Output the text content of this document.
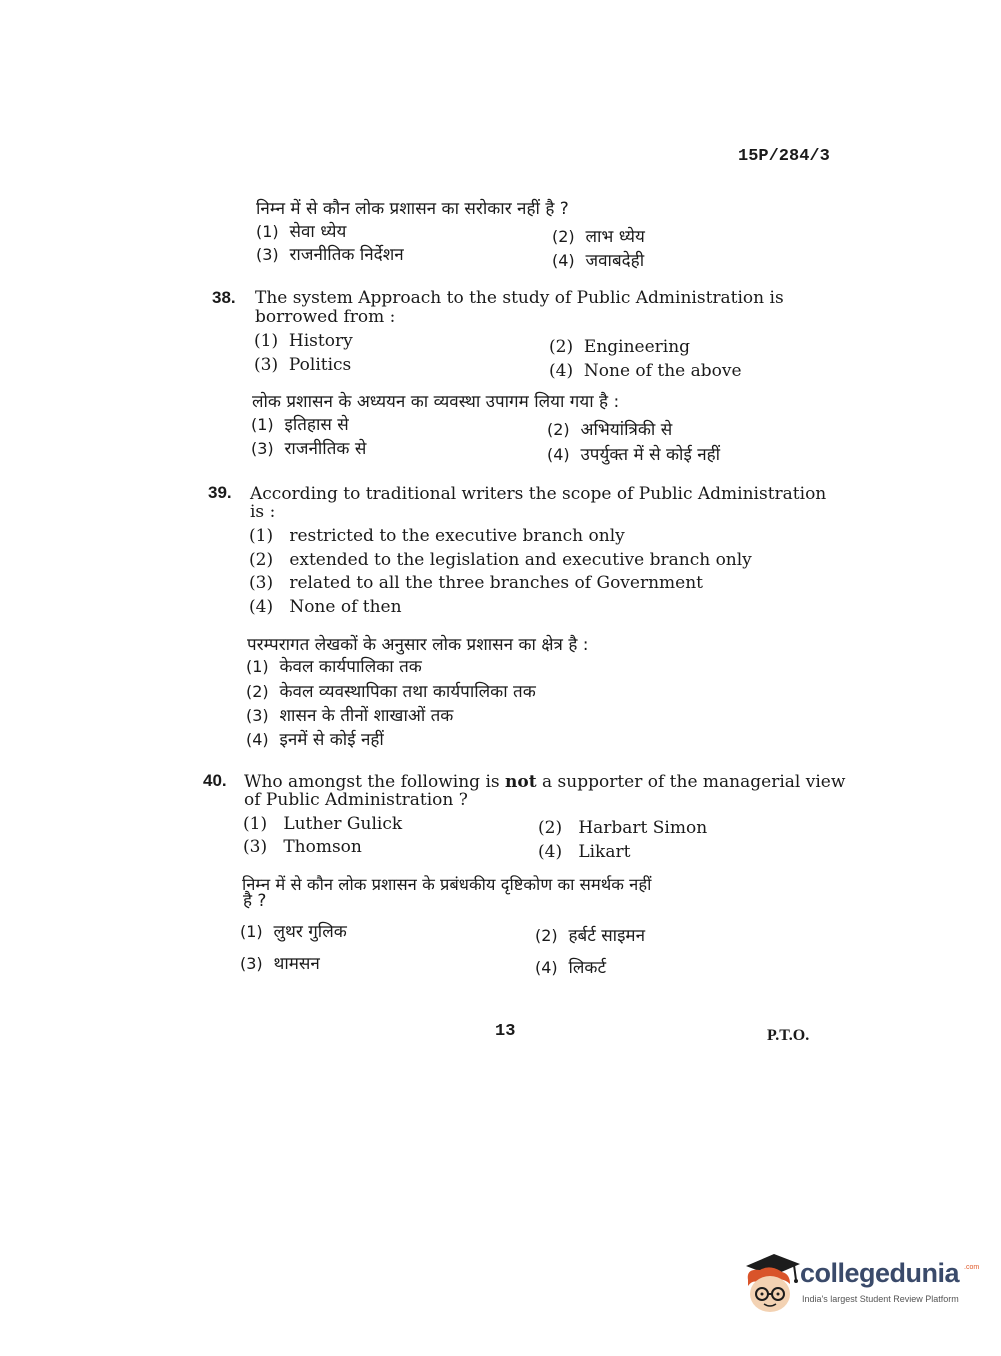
15P/284/3
निम्न में से कौन लोक प्रशासन का सरोकार नहीं है ?
(1) सेवा ध्येय	(2) लाभ ध्येय
(3) राजनीतिक निर्देशन	(4) जवाबदेही
38. The system Approach to the study of Public Administration is
borrowed from :
(1) History	(2) Engineering
(3) Politics	(4) None of the above
लोक प्रशासन के अध्ययन का व्यवस्था उपागम लिया गया है :
(1) इतिहास से	(2) अभियांत्रिकी से
(3) राजनीतिक से	(4) उपर्युक्त में से कोई नहीं
39. According to traditional writers the scope of Public Administration
is :
(1) restricted to the executive branch only
(2) extended to the legislation and executive branch only
(3) related to all the three branches of Government
(4) None of then
परम्परागत लेखकों के अनुसार लोक प्रशासन का क्षेत्र है :
(1) केवल कार्यपालिका तक
(2) केवल व्यवस्थापिका तथा कार्यपालिका तक
(3) शासन के तीनों शाखाओं तक
(4) इनमें से कोई नहीं
40. Who amongst the following is not a supporter of the managerial view
of Public Administration ?
(1) Luther Gulick	(2) Harbart Simon
(3) Thomson	(4) Likart
निम्न में से कौन लोक प्रशासन के प्रबंधकीय दृष्टिकोण का समर्थक नहीं
है ?
(1) लुथर गुलिक	(2) हर्बर्ट साइमन
(3) थामसन	(4) लिकर्ट
13	P.T.O.
collegedunia .com
India's largest Student Review Platform
